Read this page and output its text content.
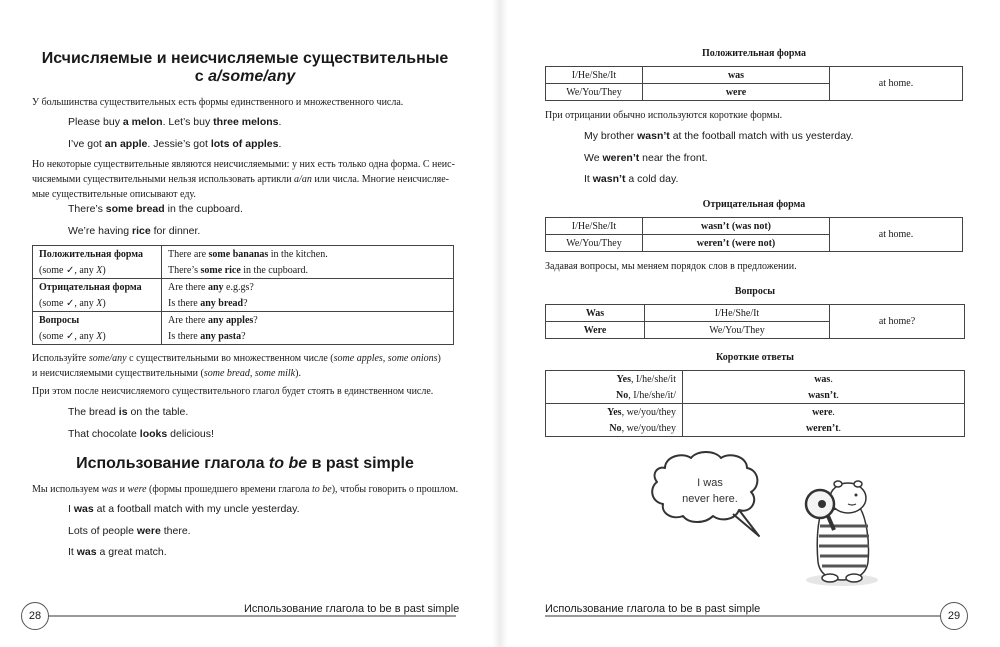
Исчисляемые и неисчисляемые существительные
с a/some/any
У большинства существительных есть формы единственного и множественного числа.
Please buy a melon. Let’s buy three melons.
I’ve got an apple. Jessie’s got lots of apples.
Но некоторые существительные являются неисчисляемыми: у них есть только одна форма. С неис-
чисяемыми существительными нельзя использовать артикли a/an или числа. Многие неисчисляе-
мые существительные описывают еду.
There’s some bread in the cupboard.
We’re having rice for dinner.
Положительная форма	There are some bananas in the kitchen.
(some ✓, any X)	There’s some rice in the cupboard.
Отрицательная форма	Are there any e.g.gs?
(some ✓, any X)	Is there any bread?
Вопросы	Are there any apples?
(some ✓, any X)	Is there any pasta?
Используйте some/any с существительными во множественном числе (some apples, some onions)
и неисчисляемыми существительными (some bread, some milk).
При этом после неисчисляемого существительного глагол будет стоять в единственном числе.
The bread is on the table.
That chocolate looks delicious!
Использование глагола to be в past simple
Мы используем was и were (формы прошедшего времени глагола to be), чтобы говорить о прошлом.
I was at a football match with my uncle yesterday.
Lots of people were there.
It was a great match.
28
Использование глагола to be в past simple
Положительная форма
I/He/She/It	was	at home.
We/You/They	were	
При отрицании обычно используются короткие формы.
My brother wasn’t at the football match with us yesterday.
We weren’t near the front.
It wasn’t a cold day.
Отрицательная форма
I/He/She/It	wasn’t (was not)	at home.
We/You/They	weren’t (were not)	
Задавая вопросы, мы меняем порядок слов в предложении.
Вопросы
Was	I/He/She/It	at home?
Were	We/You/They	
Короткие ответы
Yes, I/he/she/it	was.
No, I/he/she/it/	wasn’t.
Yes, we/you/they	were.
No, we/you/they	weren’t.
I was
never here.
Использование глагола to be в past simple
29
